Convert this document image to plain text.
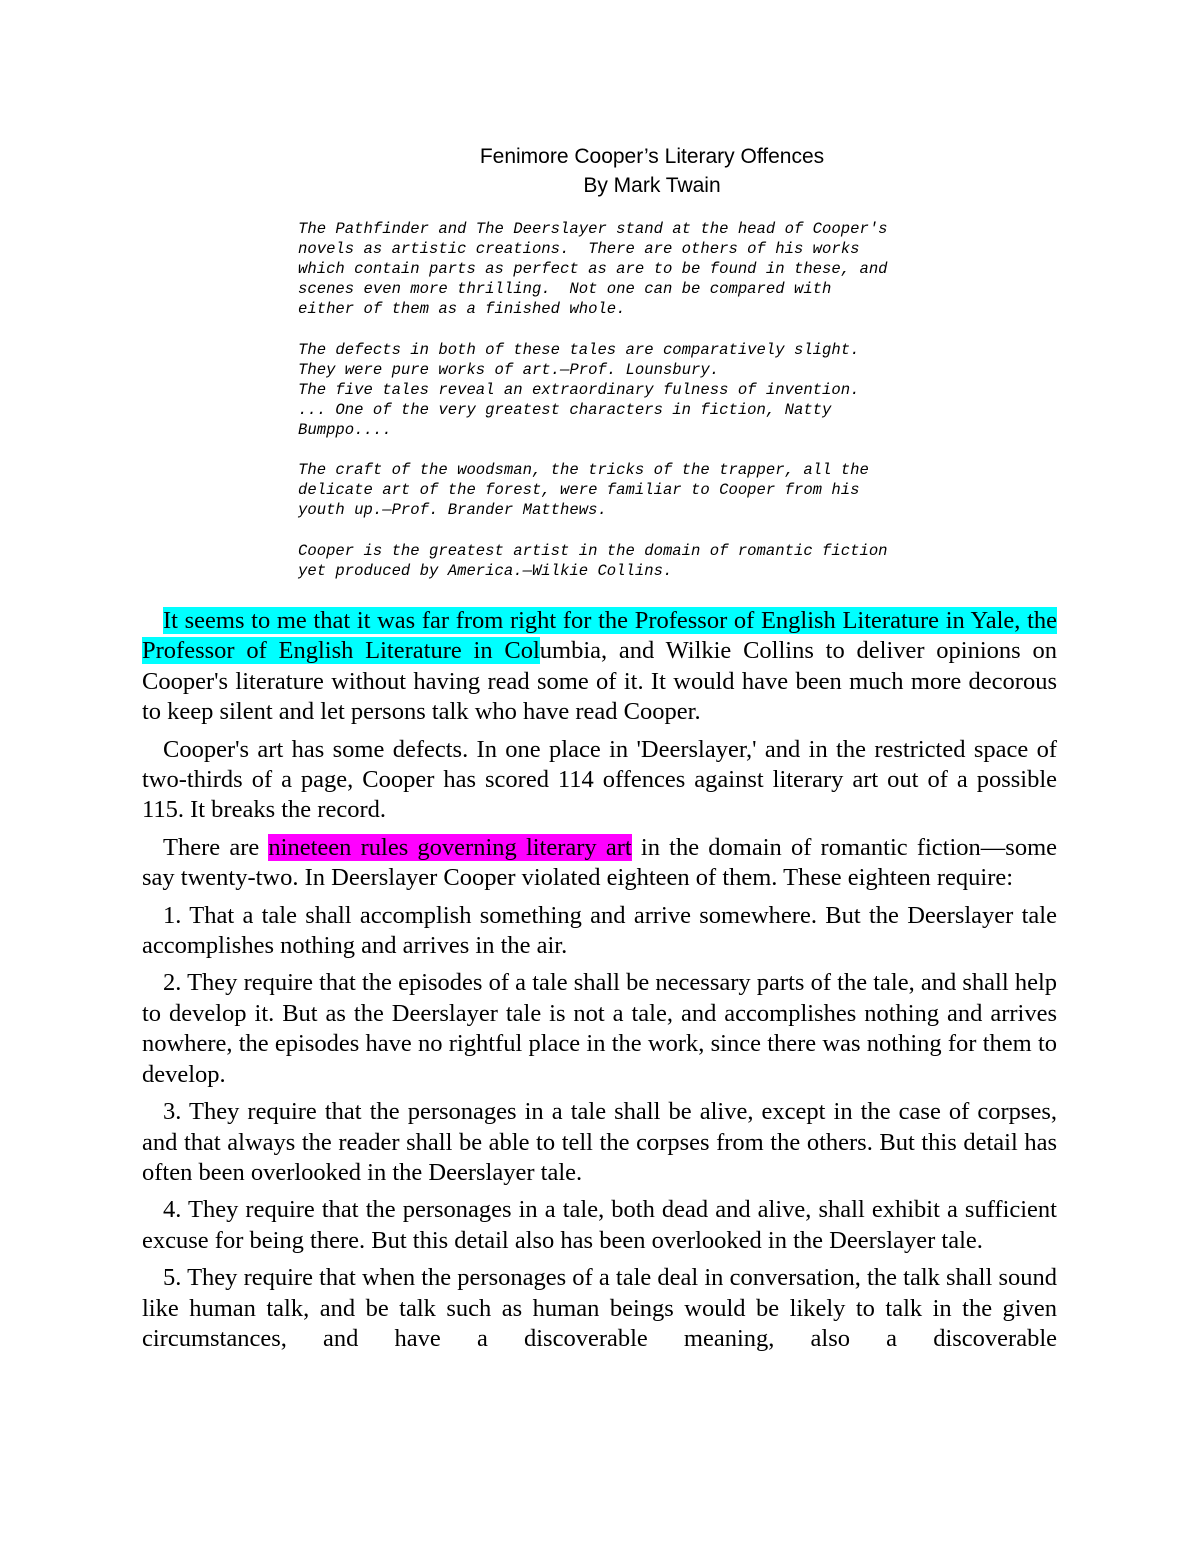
Fenimore Cooper’s Literary Offences
By Mark Twain
The Pathfinder and The Deerslayer stand at the head of Cooper's
novels as artistic creations.  There are others of his works
which contain parts as perfect as are to be found in these, and
scenes even more thrilling.  Not one can be compared with
either of them as a finished whole.
The defects in both of these tales are comparatively slight.
They were pure works of art.—Prof. Lounsbury.
The five tales reveal an extraordinary fulness of invention.
... One of the very greatest characters in fiction, Natty
Bumppo....
The craft of the woodsman, the tricks of the trapper, all the
delicate art of the forest, were familiar to Cooper from his
youth up.—Prof. Brander Matthews.
Cooper is the greatest artist in the domain of romantic fiction
yet produced by America.—Wilkie Collins.

It seems to me that it was far from right for the Professor of English Literature in Yale, the Professor of English Literature in Columbia, and Wilkie Collins to deliver opinions on Cooper's literature without having read some of it. It would have been much more decorous to keep silent and let persons talk who have read Cooper.

Cooper's art has some defects. In one place in 'Deerslayer,' and in the restricted space of two-thirds of a page, Cooper has scored 114 offences against literary art out of a possible 115. It breaks the record.

There are nineteen rules governing literary art in the domain of romantic fiction—some say twenty-two. In Deerslayer Cooper violated eighteen of them. These eighteen require:

1. That a tale shall accomplish something and arrive somewhere. But the Deerslayer tale accomplishes nothing and arrives in the air.

2. They require that the episodes of a tale shall be necessary parts of the tale, and shall help to develop it. But as the Deerslayer tale is not a tale, and accomplishes nothing and arrives nowhere, the episodes have no rightful place in the work, since there was nothing for them to develop.

3. They require that the personages in a tale shall be alive, except in the case of corpses, and that always the reader shall be able to tell the corpses from the others. But this detail has often been overlooked in the Deerslayer tale.

4. They require that the personages in a tale, both dead and alive, shall exhibit a sufficient excuse for being there. But this detail also has been overlooked in the Deerslayer tale.

5. They require that when the personages of a tale deal in conversation, the talk shall sound like human talk, and be talk such as human beings would be likely to talk in the given circumstances, and have a discoverable meaning, also a discoverable
